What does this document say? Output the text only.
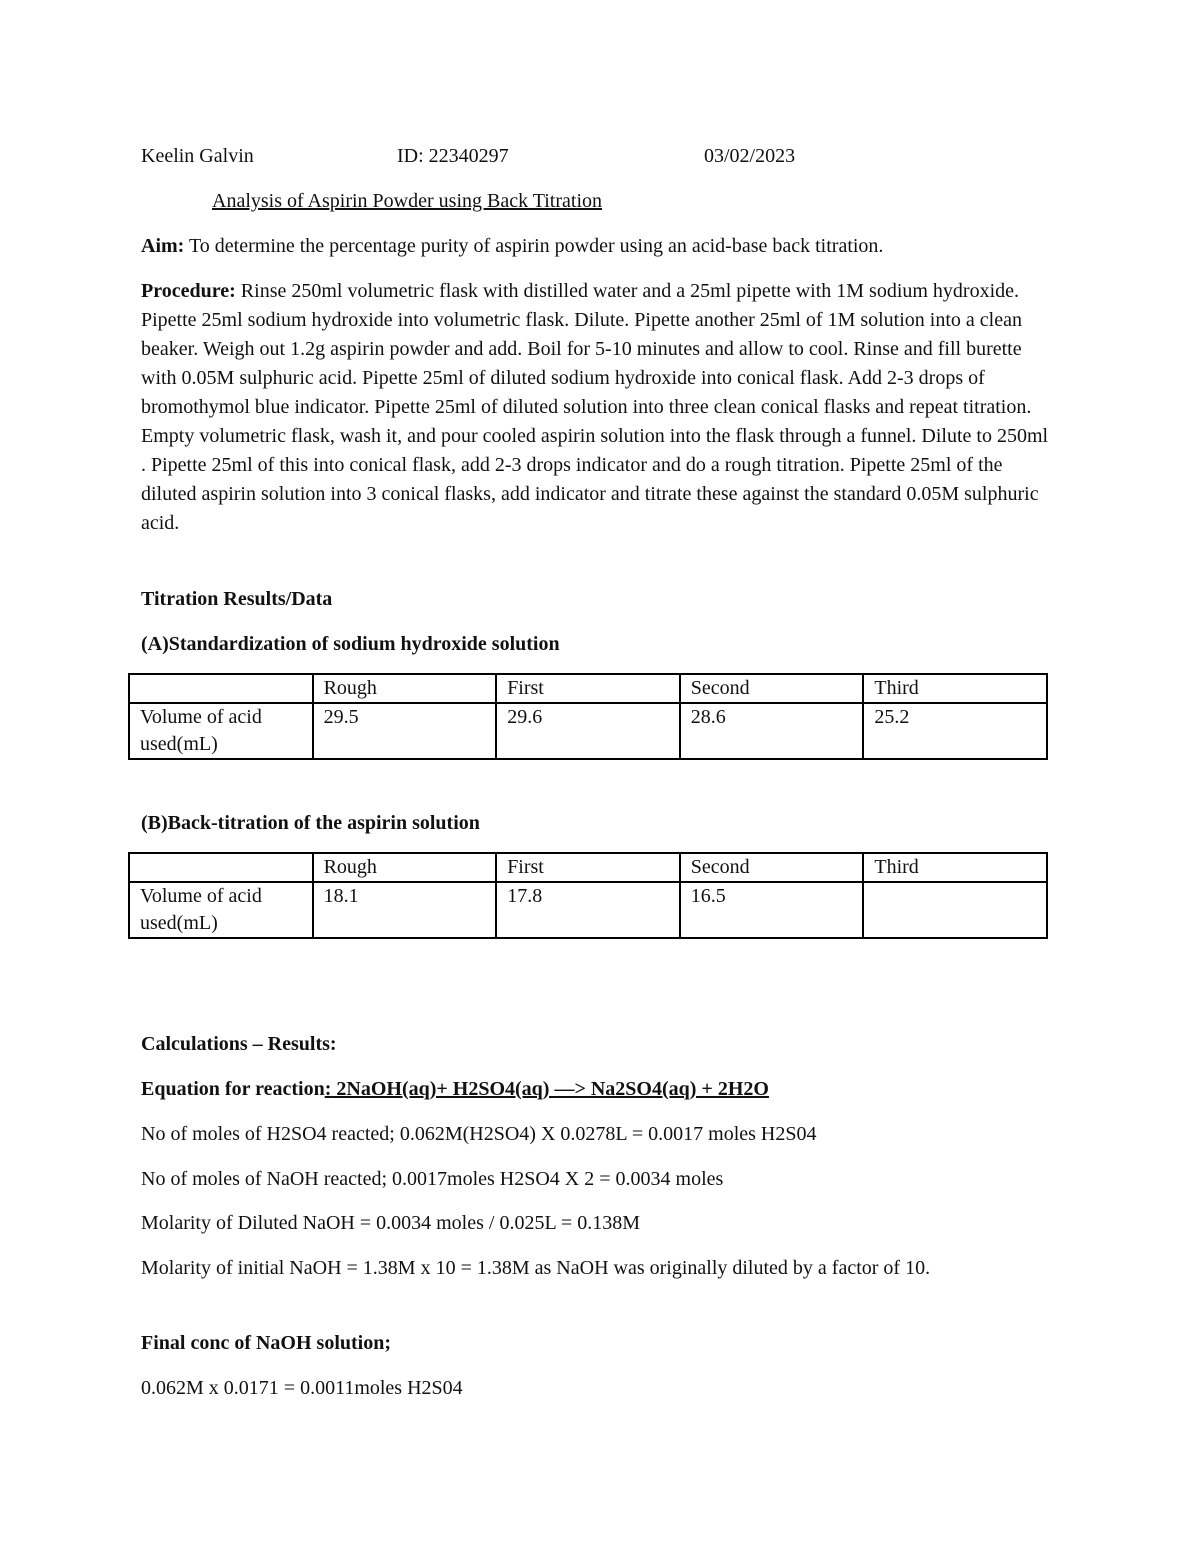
Keelin Galvin	ID: 22340297	03/02/2023
Analysis of Aspirin Powder using Back Titration

Aim: To determine the percentage purity of aspirin powder using an acid-base back titration.

Procedure: Rinse 250ml volumetric flask with distilled water and a 25ml pipette with 1M sodium hydroxide. Pipette 25ml sodium hydroxide into volumetric flask. Dilute. Pipette another 25ml of 1M solution into a clean beaker. Weigh out 1.2g aspirin powder and add. Boil for 5-10 minutes and allow to cool. Rinse and fill burette with 0.05M sulphuric acid. Pipette 25ml of diluted sodium hydroxide into conical flask. Add 2-3 drops of bromothymol blue indicator. Pipette 25ml of diluted solution into three clean conical flasks and repeat titration. Empty volumetric flask, wash it, and pour cooled aspirin solution into the flask through a funnel. Dilute to 250ml . Pipette 25ml of this into conical flask, add 2-3 drops indicator and do a rough titration. Pipette 25ml of the diluted aspirin solution into 3 conical flasks, add indicator and titrate these against the standard 0.05M sulphuric acid.

Titration Results/Data
(A)Standardization of sodium hydroxide solution
	Rough	First	Second	Third
Volume of acid used(mL)	29.5	29.6	28.6	25.2
(B)Back-titration of the aspirin solution
	Rough	First	Second	Third
Volume of acid used(mL)	18.1	17.8	16.5	
Calculations – Results:
Equation for reaction: 2NaOH(aq)+ H2SO4(aq) ––> Na2SO4(aq) + 2H2O
No of moles of H2SO4 reacted; 0.062M(H2SO4) X 0.0278L = 0.0017 moles H2S04
No of moles of NaOH reacted; 0.0017moles H2SO4 X 2 = 0.0034 moles
Molarity of Diluted NaOH = 0.0034 moles / 0.025L = 0.138M
Molarity of initial NaOH = 1.38M x 10 = 1.38M as NaOH was originally diluted by a factor of 10.
Final conc of NaOH solution;
0.062M x 0.0171 = 0.0011moles H2S04
